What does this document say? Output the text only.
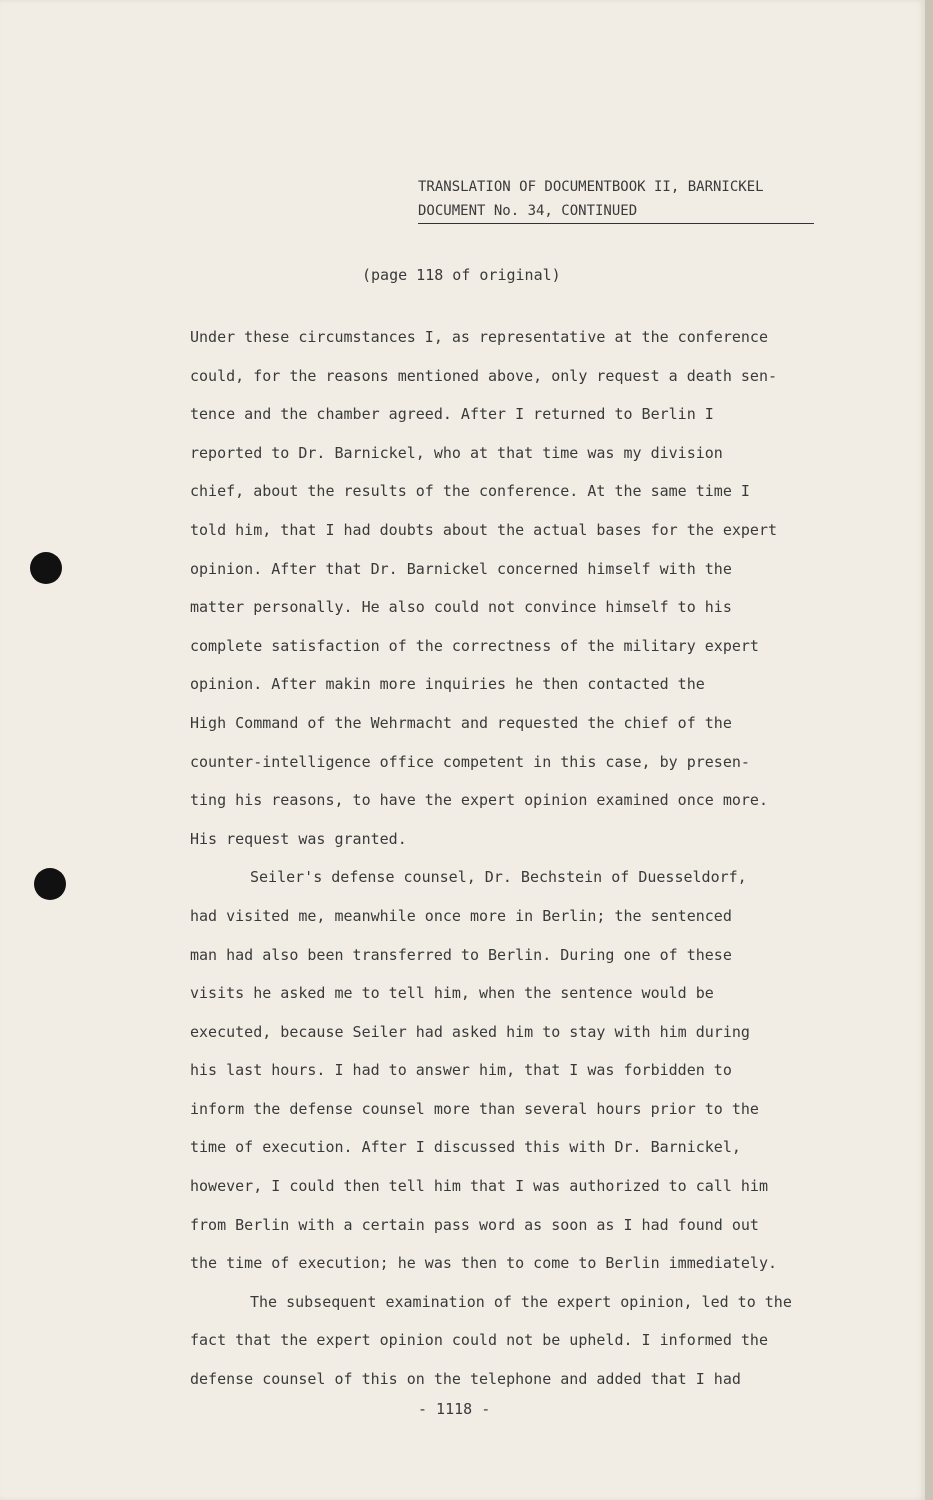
TRANSLATION OF DOCUMENTBOOK II, BARNICKEL
DOCUMENT No. 34, CONTINUED
(page 118 of original)
Under these circumstances I, as representative at the conference
could, for the reasons mentioned above, only request a death sen-
tence and the chamber agreed. After I returned to Berlin I
reported to Dr. Barnickel, who at that time was my division
chief, about the results of the conference. At the same time I
told him, that I had doubts about the actual bases for the expert
opinion. After that Dr. Barnickel concerned himself with the
matter personally. He also could not convince himself to his
complete satisfaction of the correctness of the military expert
opinion. After makin more inquiries he then contacted the
High Command of the Wehrmacht and requested the chief of the
counter-intelligence office competent in this case, by presen-
ting his reasons, to have the expert opinion examined once more.
His request was granted.
Seiler's defense counsel, Dr. Bechstein of Duesseldorf,
had visited me, meanwhile once more in Berlin; the sentenced
man had also been transferred to Berlin. During one of these
visits he asked me to tell him, when the sentence would be
executed, because Seiler had asked him to stay with him during
his last hours. I had to answer him, that I was forbidden to
inform the defense counsel more than several hours prior to the
time of execution. After I discussed this with Dr. Barnickel,
however, I could then tell him that I was authorized to call him
from Berlin with a certain pass word as soon as I had found out
the time of execution; he was then to come to Berlin immediately.
The subsequent examination of the expert opinion, led to the
fact that the expert opinion could not be upheld. I informed the
defense counsel of this on the telephone and added that I had
- 1118 -
